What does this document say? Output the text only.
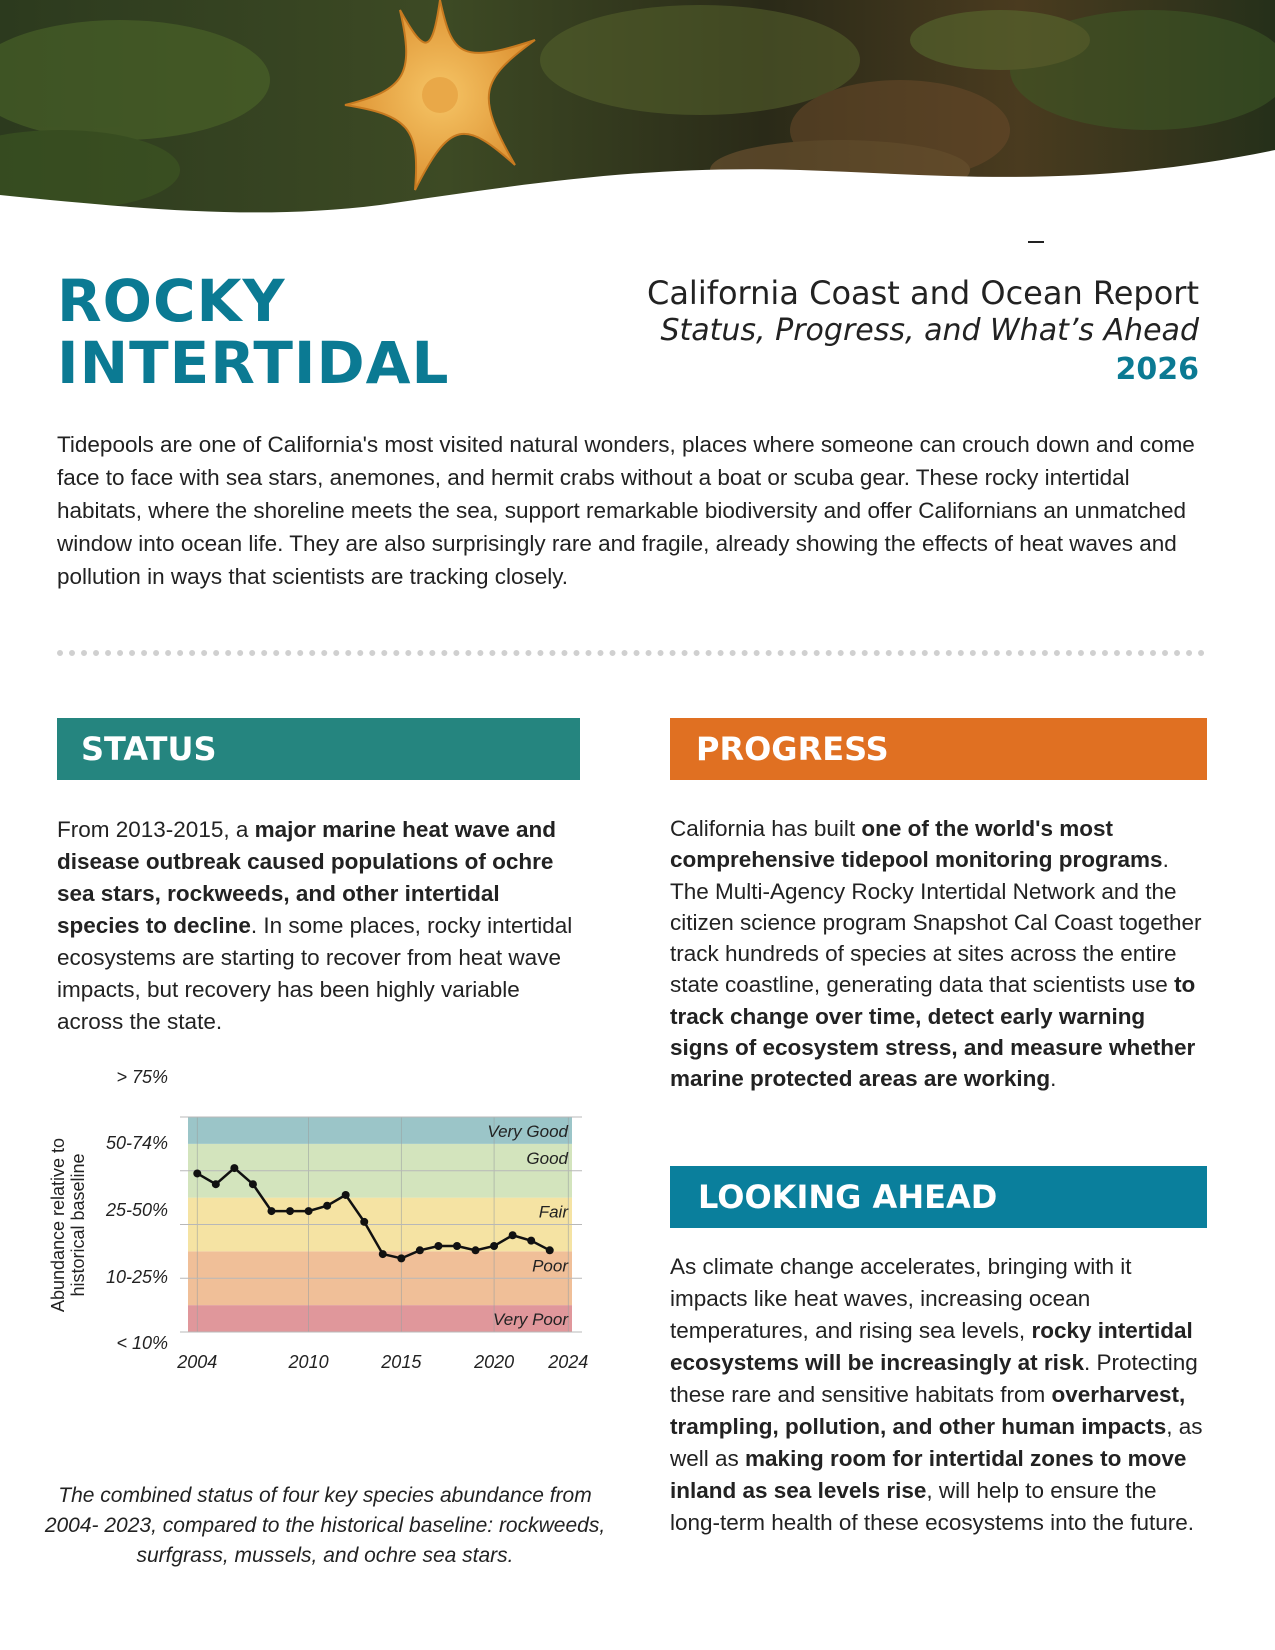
ROCKY
INTERTIDAL
California Coast and Ocean Report
Status, Progress, and What’s Ahead
2026

Tidepools are one of California's most visited natural wonders, places where someone can crouch down and come face to face with sea stars, anemones, and hermit crabs without a boat or scuba gear. These rocky intertidal habitats, where the shoreline meets the sea, support remarkable biodiversity and offer Californians an unmatched window into ocean life. They are also surprisingly rare and fragile, already showing the effects of heat waves and pollution in ways that scientists are tracking closely.

STATUS

From 2013-2015, a major marine heat wave and disease outbreak caused populations of ochre sea stars, rockweeds, and other intertidal species to decline. In some places, rocky intertidal ecosystems are starting to recover from heat wave impacts, but recovery has been highly variable across the state.

Very Poor
Poor
Fair
Good
Very Good
< 10%
10-25%
25-50%
50-74%
> 75%
2004	2010	2015	2020 2024
Abundance relative tohistorical baseline

The combined status of four key species abundance from 2004- 2023, compared to the historical baseline: rockweeds, surfgrass, mussels, and ochre sea stars.

PROGRESS

California has built one of the world's most comprehensive tidepool monitoring programs. The Multi-Agency Rocky Intertidal Network and the citizen science program Snapshot Cal Coast together track hundreds of species at sites across the entire state coastline, generating data that scientists use to track change over time, detect early warning signs of ecosystem stress, and measure whether marine protected areas are working.

LOOKING AHEAD

As climate change accelerates, bringing with it impacts like heat waves, increasing ocean temperatures, and rising sea levels, rocky intertidal ecosystems will be increasingly at risk. Protecting these rare and sensitive habitats from overharvest, trampling, pollution, and other human impacts, as well as making room for intertidal zones to move inland as sea levels rise, will help to ensure the long-term health of these ecosystems into the future.
